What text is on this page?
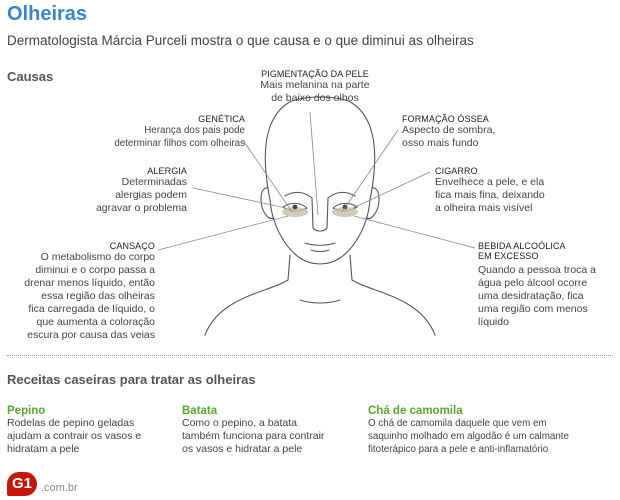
Olheiras
Dermatologista Márcia Purceli mostra o que causa e o que diminui as olheiras
Causas	PIGMENTAÇÃO DA PELE
Mais melanina na parte
de baixo dos olhos
GENÉTICA
Herança dos pais pode
determinar filhos com olheiras
FORMAÇÃO ÓSSEA
Aspecto de sombra,
osso mais fundo
ALERGIA
Determinadas
alergias podem
agravar o problema
CIGARRO
Envelhece a pele, e ela
fica mais fina, deixando
a olheira mais visível
CANSAÇO
O metabolismo do corpo
diminui e o corpo passa a
drenar menos líquido, então
essa região das olheiras
fica carregada de líquido, o
que aumenta a coloração
escura por causa das veias
BEBIDA ALCOÓLICA
EM EXCESSO
Quando a pessoa troca a
água pelo álcool ocorre
uma desidratação, fica
uma região com menos
líquido
Receitas caseiras para tratar as olheiras
Pepino
Rodelas de pepino geladas
ajudam a contrair os vasos e
hidratam a pele
Batata
Como o pepino, a batata
também funciona para contrair
os vasos e hidratar a pele
Chá de camomila
O chá de camomila daquele que vem em
saquinho molhado em algodão é um calmante
fitoterápico para a pele e anti-inflamatório
G1 .com.br
